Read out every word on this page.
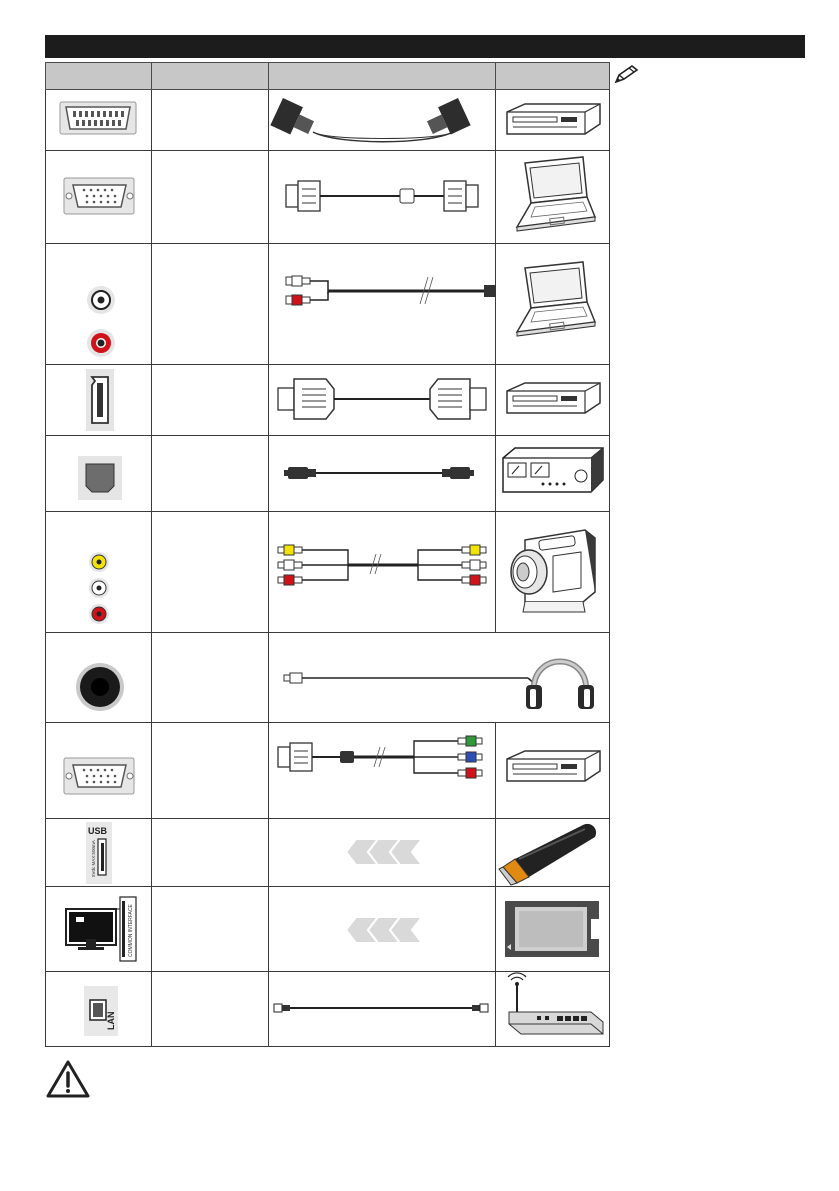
USB
5Vdc MAX:500mA
COMMON INTERFACE
LAN
